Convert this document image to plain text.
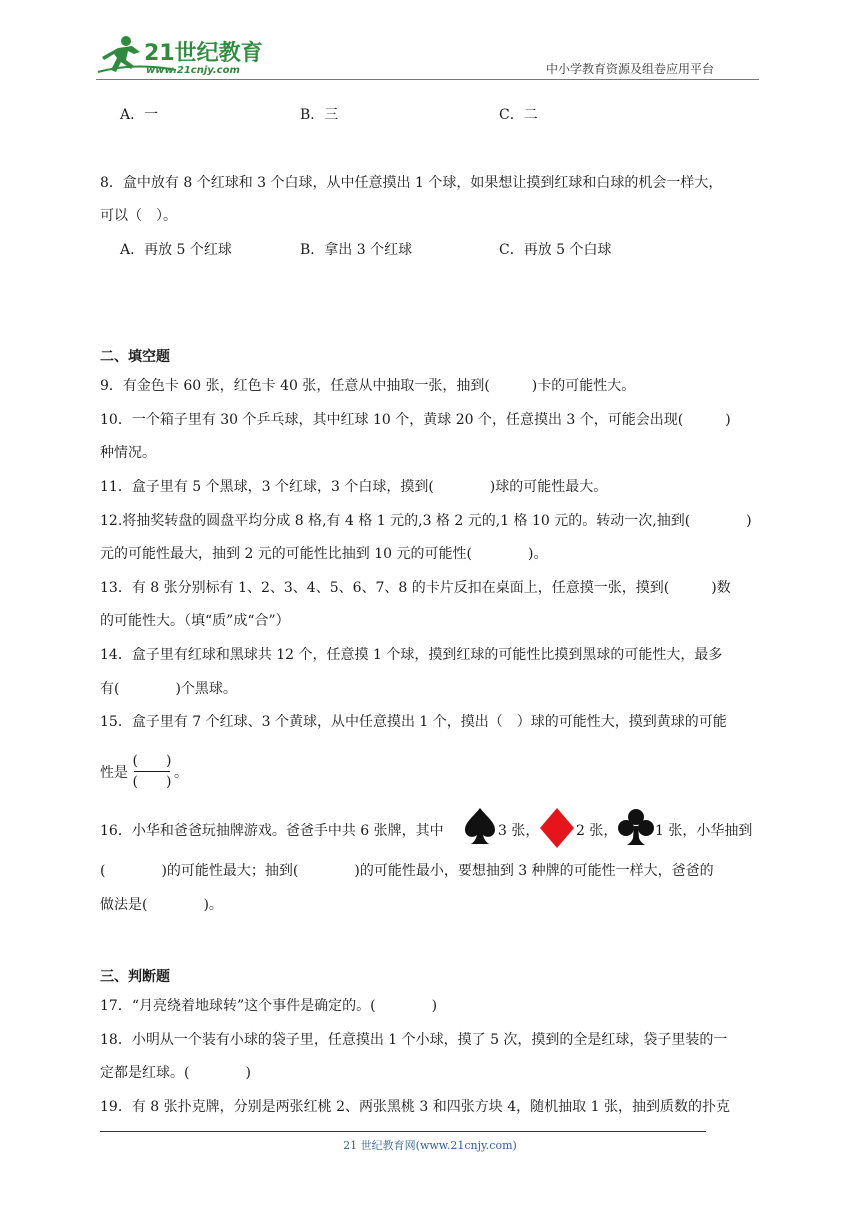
21世纪教育
www.21cnjy.com	中小学教育资源及组卷应用平台
A．一	B．三	C．二
8．盒中放有 8 个红球和 3 个白球，从中任意摸出 1 个球，如果想让摸到红球和白球的机会一样大，
可以（　）。
A．再放 5 个红球	B．拿出 3 个红球	C．再放 5 个白球
二、填空题
9．有金色卡 60 张，红色卡 40 张，任意从中抽取一张，抽到(　　　)卡的可能性大。
10．一个箱子里有 30 个乒乓球，其中红球 10 个，黄球 20 个，任意摸出 3 个，可能会出现(　　　)
种情况。
11．盒子里有 5 个黑球，3 个红球，3 个白球，摸到(　　　　)球的可能性最大。
12.将抽奖转盘的圆盘平均分成 8 格,有 4 格 1 元的,3 格 2 元的,1 格 10 元的。转动一次,抽到(　　　　)
元的可能性最大，抽到 2 元的可能性比抽到 10 元的可能性(　　　　)。
13．有 8 张分别标有 1、2、3、4、5、6、7、8 的卡片反扣在桌面上，任意摸一张，摸到(　　　)数
的可能性大。（填“质”成“合”）
14．盒子里有红球和黑球共 12 个，任意摸 1 个球，摸到红球的可能性比摸到黑球的可能性大，最多
有(　　　　)个黑球。
15．盒子里有 7 个红球、3 个黄球，从中任意摸出 1 个，摸出（　）球的可能性大，摸到黄球的可能
性是
(　　)
(　　)
。
16．小华和爸爸玩抽牌游戏。爸爸手中共 6 张牌，其中	3 张，	2 张，	1 张，小华抽到
(　　　　)的可能性最大；抽到(　　　　)的可能性最小，要想抽到 3 种牌的可能性一样大，爸爸的
做法是(　　　　)。
三、判断题
17．“月亮绕着地球转”这个事件是确定的。(　　　　)
18．小明从一个装有小球的袋子里，任意摸出 1 个小球，摸了 5 次，摸到的全是红球，袋子里装的一
定都是红球。(　　　　)
19．有 8 张扑克牌，分别是两张红桃 2、两张黑桃 3 和四张方块 4，随机抽取 1 张，抽到质数的扑克
21 世纪教育网(www.21cnjy.com)
